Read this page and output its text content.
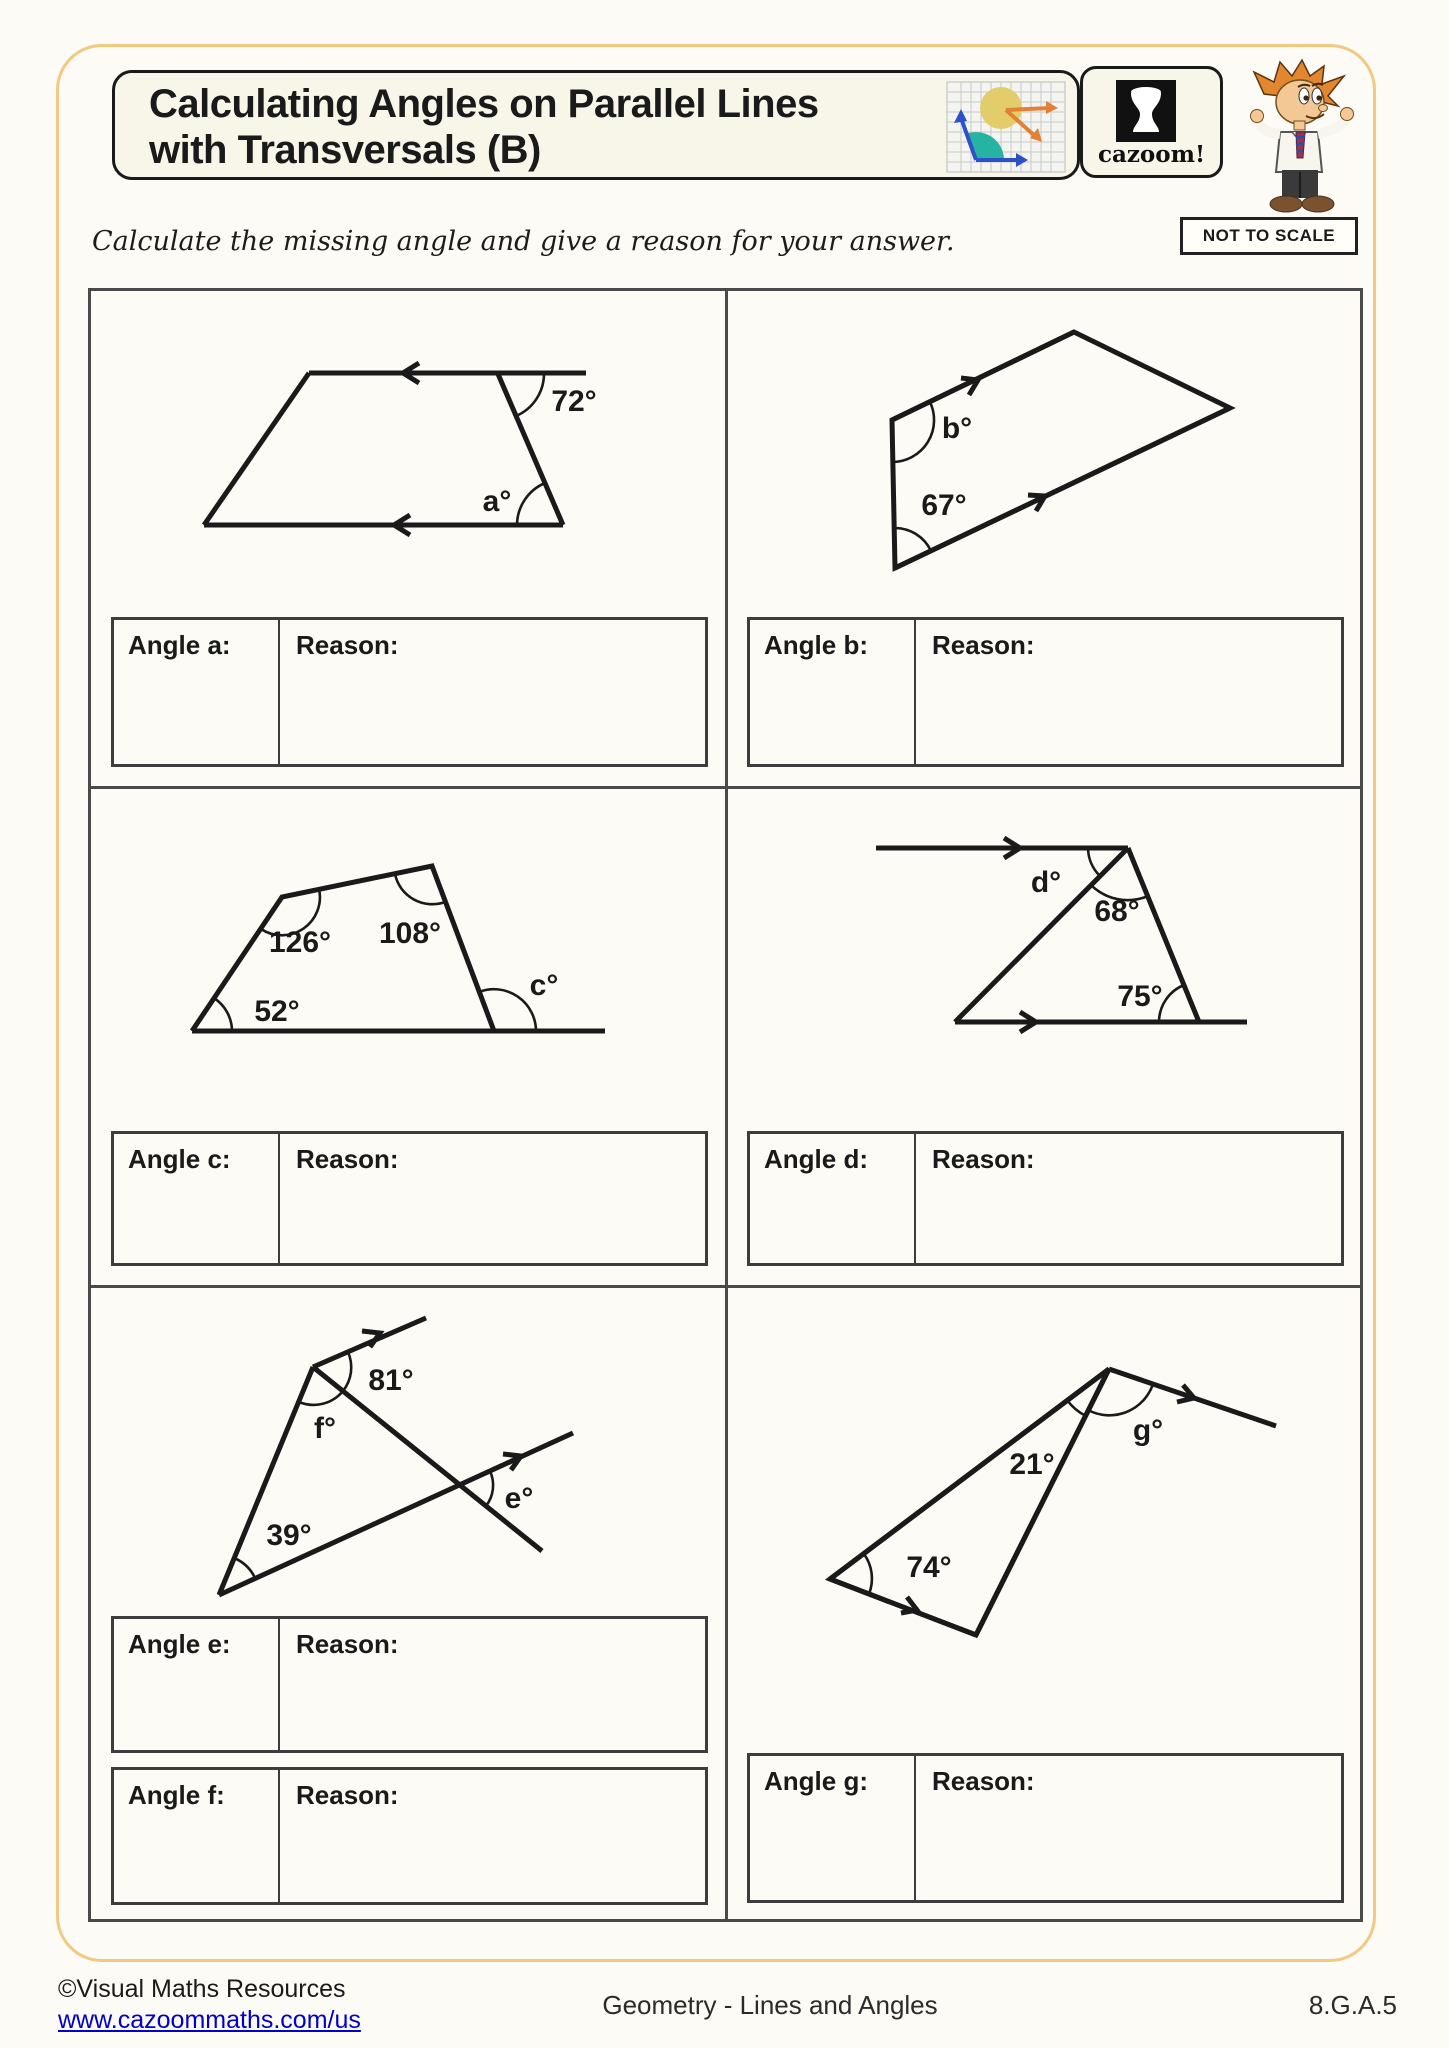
Calculating Angles on Parallel Lines
with Transversals (B)	cazoom!
NOT TO SCALE
Calculate the missing angle and give a reason for your answer.
72°
a°
Angle a:	Reason:
b°
67°
Angle b:	Reason:
126° 108°
52°
c°
Angle c:	Reason:
d°
68°
75°
Angle d:	Reason:
81°
f°
e°
39°
Angle e:	Reason:
Angle f:	Reason:
21°
g°
74°
Angle g:	Reason:
©Visual Maths Resources
www.cazoommaths.com/us	Geometry - Lines and Angles	8.G.A.5
